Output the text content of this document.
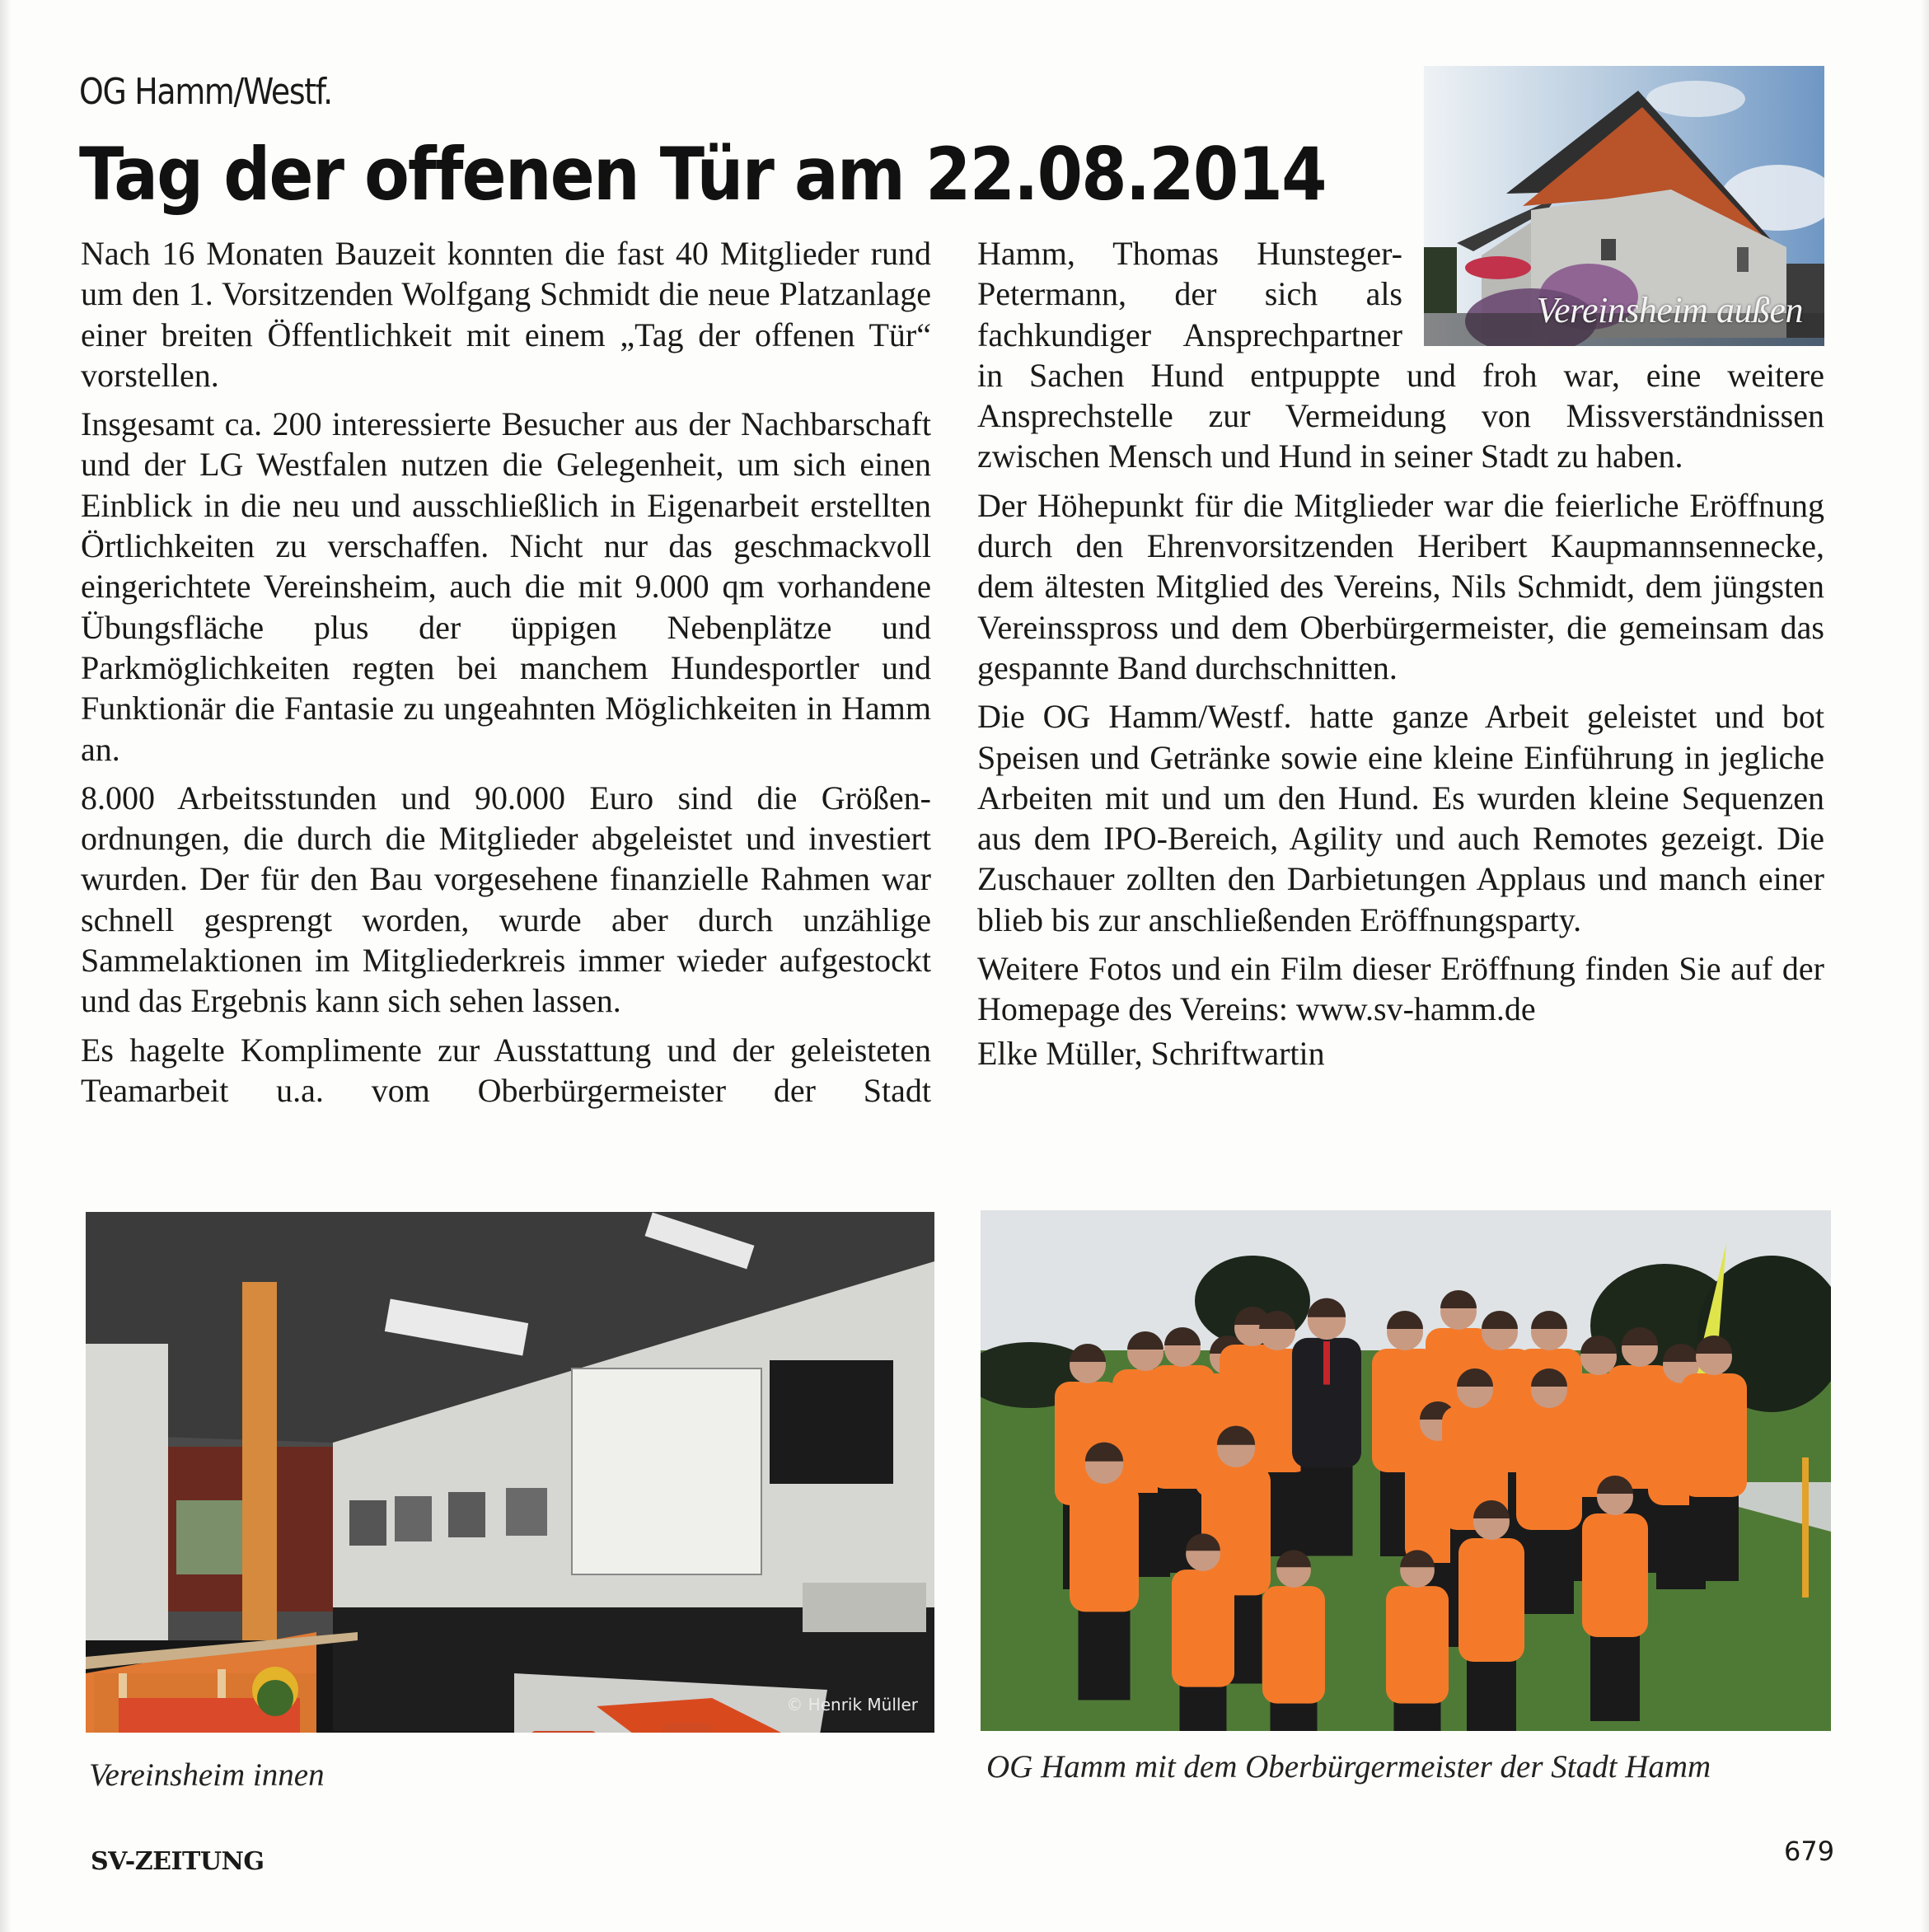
OG Hamm/Westf.
Tag der offenen Tür am 22.08.2014

Nach 16 Monaten Bauzeit konnten die fast 40 Mitglieder rund um den 1. Vorsitzenden Wolfgang Schmidt die neue Platzanlage einer breiten Öffentlichkeit mit einem „Tag der offenen Tür“ vorstellen.

Insgesamt ca. 200 interessierte Besucher aus der Nachbarschaft und der LG Westfalen nutzen die Gelegenheit, um sich einen Einblick in die neu und ausschließlich in Eigenarbeit erstellten Örtlichkeiten zu verschaffen. Nicht nur das geschmackvoll eingerichtete Vereinsheim, auch die mit 9.000 qm vorhandene Übungsfläche plus der üppigen Nebenplätze und Parkmöglichkeiten regten bei manchem Hundesportler und Funktionär die Fantasie zu ungeahnten Möglichkeiten in Hamm an.

8.000 Arbeitsstunden und 90.000 Euro sind die Größenordnungen, die durch die Mitglieder abgeleistet und investiert wurden. Der für den Bau vorgesehene finanzielle Rahmen war schnell gesprengt worden, wurde aber durch unzählige Sammelaktionen im Mitgliederkreis immer wieder aufgestockt und das Ergebnis kann sich sehen lassen.

Es hagelte Komplimente zur Ausstattung und der geleisteten Teamarbeit u.a. vom Oberbürgermeister der Stadt

Hamm, Thomas Hunsteger-Petermann, der sich als fachkundiger Ansprechpartner in Sachen Hund entpuppte und froh war, eine weitere Ansprechstelle zur Vermeidung von Missverständnissen zwischen Mensch und Hund in seiner Stadt zu haben.

Der Höhepunkt für die Mitglieder war die feierliche Eröffnung durch den Ehrenvorsitzenden Heribert Kaupmannsennecke, dem ältesten Mitglied des Vereins, Nils Schmidt, dem jüngsten Vereinsspross und dem Oberbürgermeister, die gemeinsam das gespannte Band durchschnitten.

Die OG Hamm/Westf. hatte ganze Arbeit geleistet und bot Speisen und Getränke sowie eine kleine Einführung in jegliche Arbeiten mit und um den Hund. Es wurden kleine Sequenzen aus dem IPO-Bereich, Agility und auch Remotes gezeigt. Die Zuschauer zollten den Darbietungen Applaus und manch einer blieb bis zur anschließenden Eröffnungsparty.

Weitere Fotos und ein Film dieser Eröffnung finden Sie auf der Homepage des Vereins: www.sv-hamm.de

Elke Müller, Schriftwartin

Vereinsheim außen
© Henrik Müller
Vereinsheim innen	OG Hamm mit dem Oberbürgermeister der Stadt Hamm
SV-ZEITUNG	679
